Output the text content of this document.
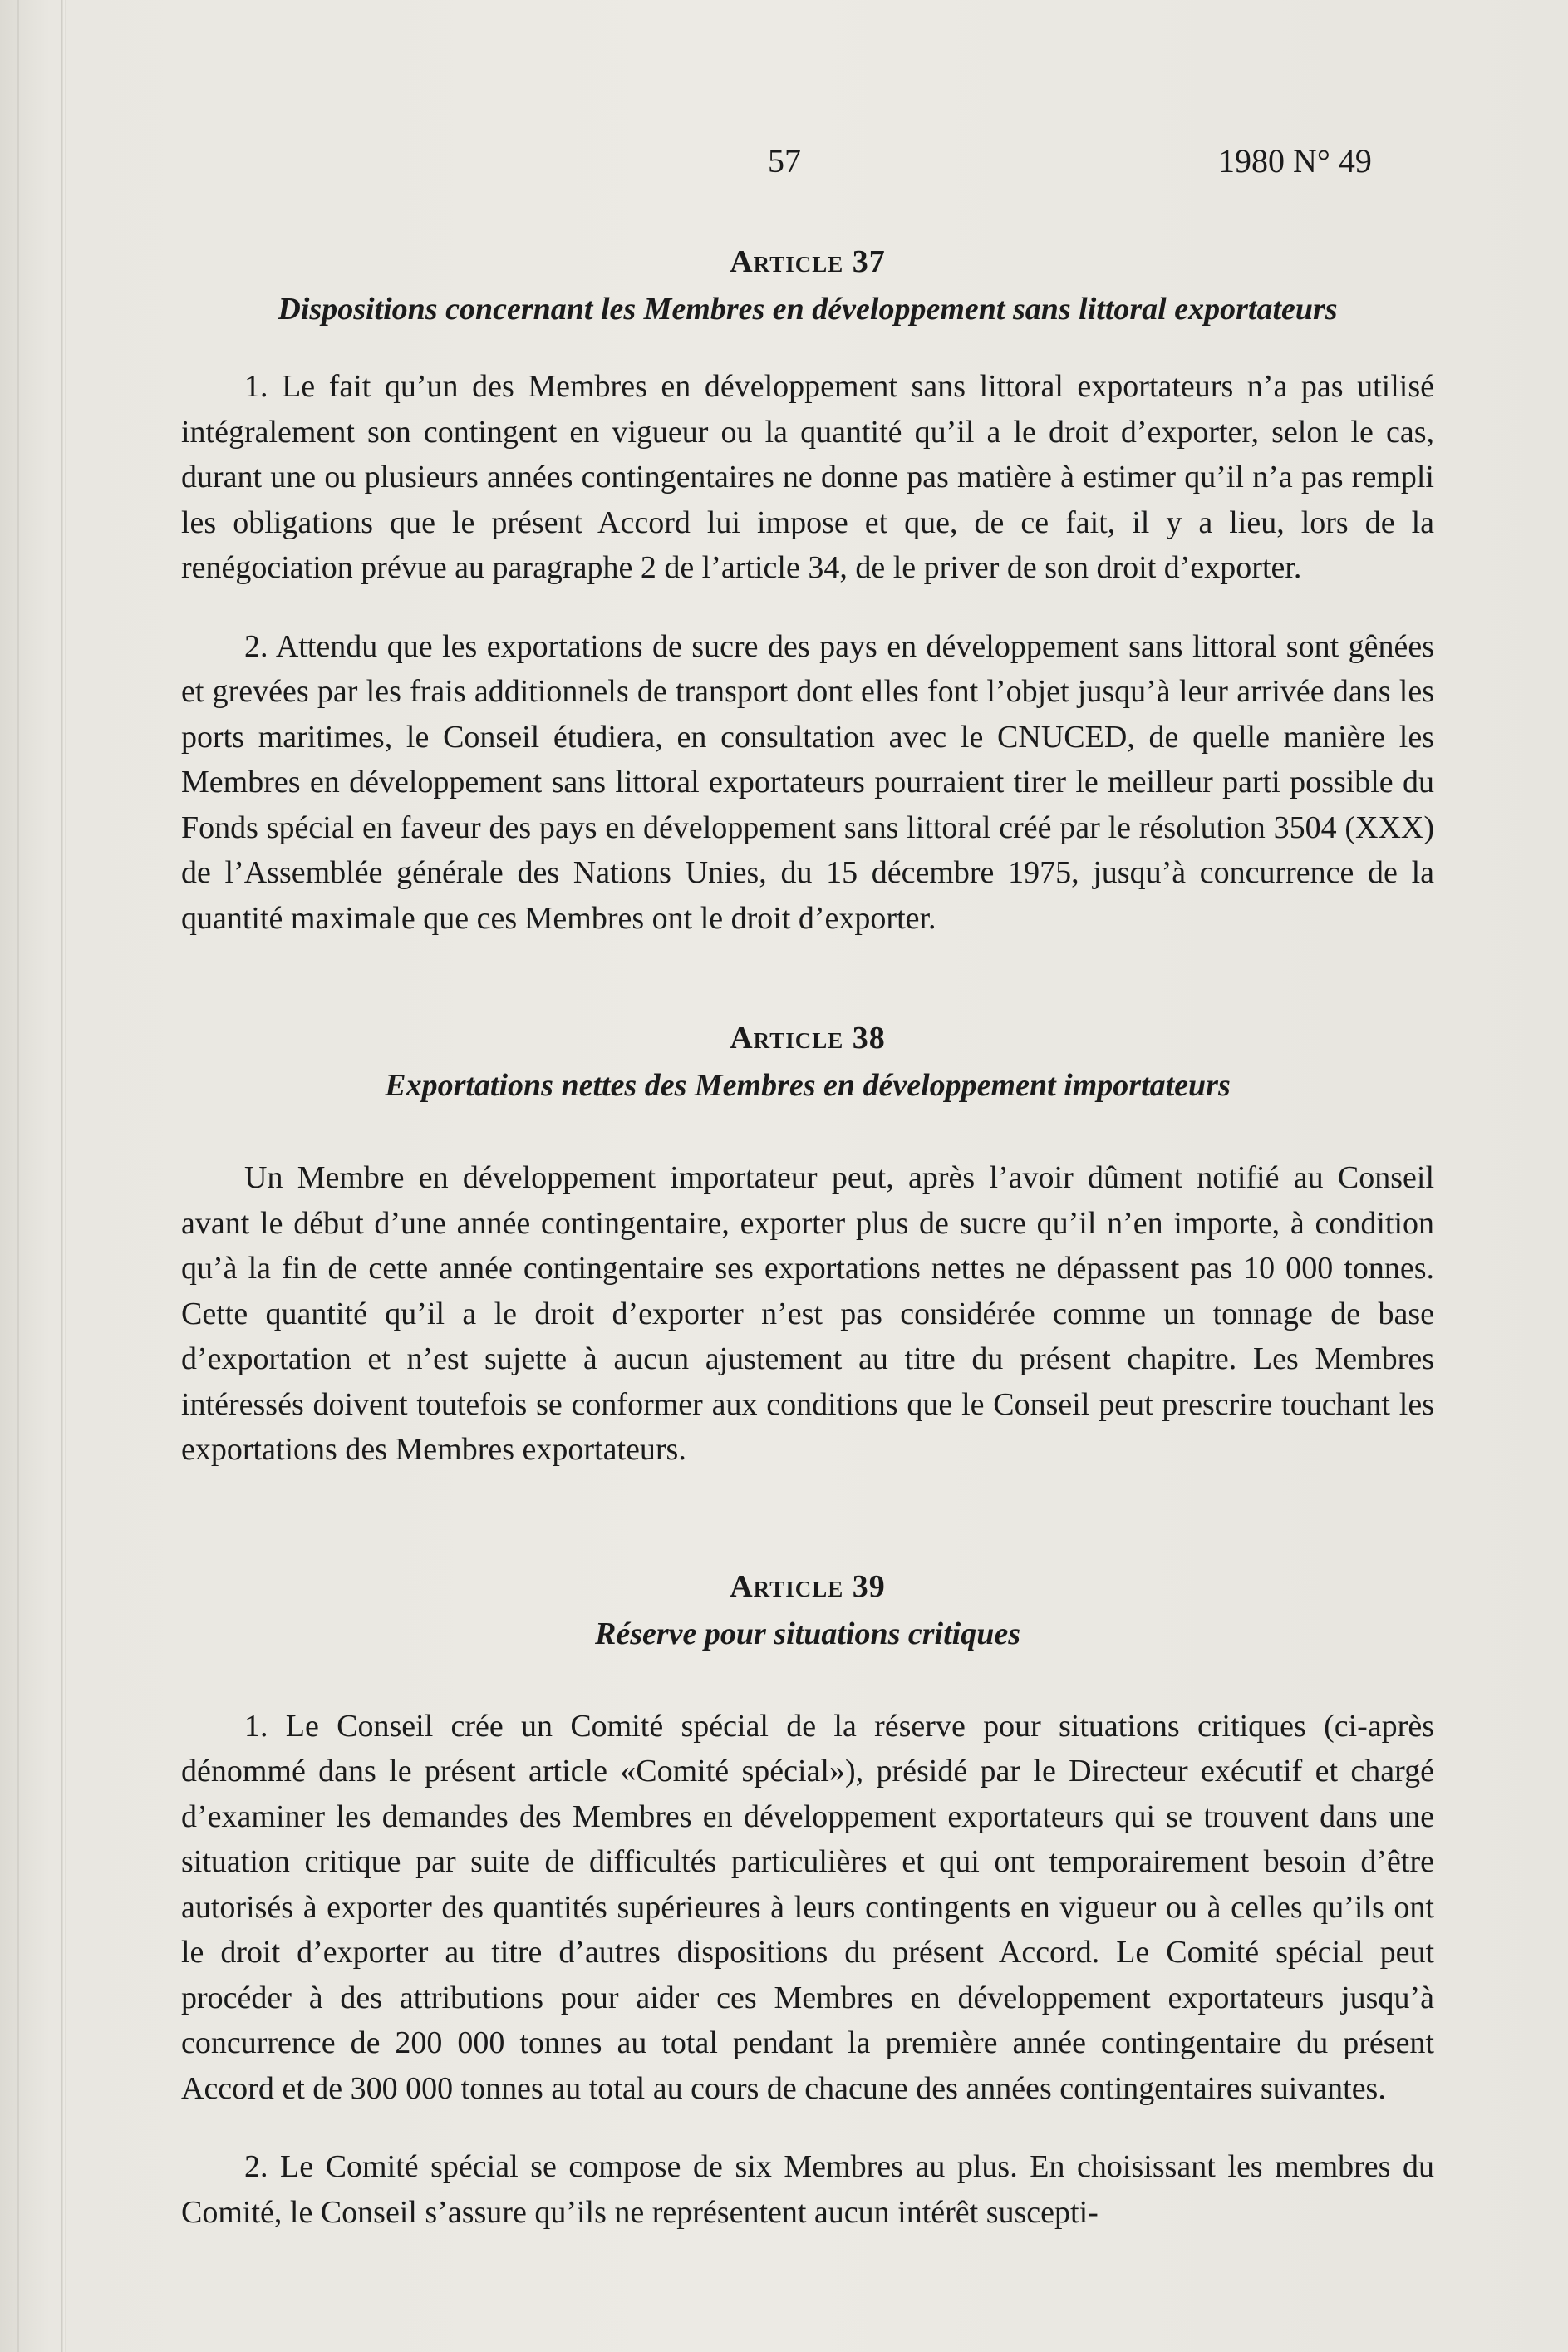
57	1980 N° 49
Article 37
Dispositions concernant les Membres en développement sans littoral exportateurs

1. Le fait qu’un des Membres en développement sans littoral exportateurs n’a pas utilisé intégralement son contingent en vigueur ou la quantité qu’il a le droit d’exporter, selon le cas, durant une ou plusieurs années contingentaires ne donne pas matière à estimer qu’il n’a pas rempli les obligations que le présent Accord lui impose et que, de ce fait, il y a lieu, lors de la renégociation prévue au paragraphe 2 de l’article 34, de le priver de son droit d’exporter.

2. Attendu que les exportations de sucre des pays en développement sans littoral sont gênées et grevées par les frais additionnels de transport dont elles font l’objet jusqu’à leur arrivée dans les ports maritimes, le Conseil étudiera, en consultation avec le CNUCED, de quelle manière les Membres en développement sans littoral exportateurs pourraient tirer le meilleur parti possible du Fonds spécial en faveur des pays en développement sans littoral créé par le résolution 3504 (XXX) de l’Assemblée générale des Nations Unies, du 15 décembre 1975, jusqu’à concurrence de la quantité maximale que ces Membres ont le droit d’exporter.

Article 38
Exportations nettes des Membres en développement importateurs

Un Membre en développement importateur peut, après l’avoir dûment notifié au Conseil avant le début d’une année contingentaire, exporter plus de sucre qu’il n’en importe, à condition qu’à la fin de cette année contingentaire ses exportations nettes ne dépassent pas 10 000 tonnes. Cette quantité qu’il a le droit d’exporter n’est pas considérée comme un tonnage de base d’exportation et n’est sujette à aucun ajustement au titre du présent chapitre. Les Membres intéressés doivent toutefois se conformer aux conditions que le Conseil peut prescrire touchant les exportations des Membres exportateurs.

Article 39
Réserve pour situations critiques

1. Le Conseil crée un Comité spécial de la réserve pour situations critiques (ci-après dénommé dans le présent article «Comité spécial»), présidé par le Directeur exécutif et chargé d’examiner les demandes des Membres en développement exportateurs qui se trouvent dans une situation critique par suite de difficultés particulières et qui ont temporairement besoin d’être autorisés à exporter des quantités supérieures à leurs contingents en vigueur ou à celles qu’ils ont le droit d’exporter au titre d’autres dispositions du présent Accord. Le Comité spécial peut procéder à des attributions pour aider ces Membres en développement exportateurs jusqu’à concurrence de 200 000 tonnes au total pendant la première année contingentaire du présent Accord et de 300 000 tonnes au total au cours de chacune des années contingentaires suivantes.

2. Le Comité spécial se compose de six Membres au plus. En choisissant les membres du Comité, le Conseil s’assure qu’ils ne représentent aucun intérêt suscepti-
